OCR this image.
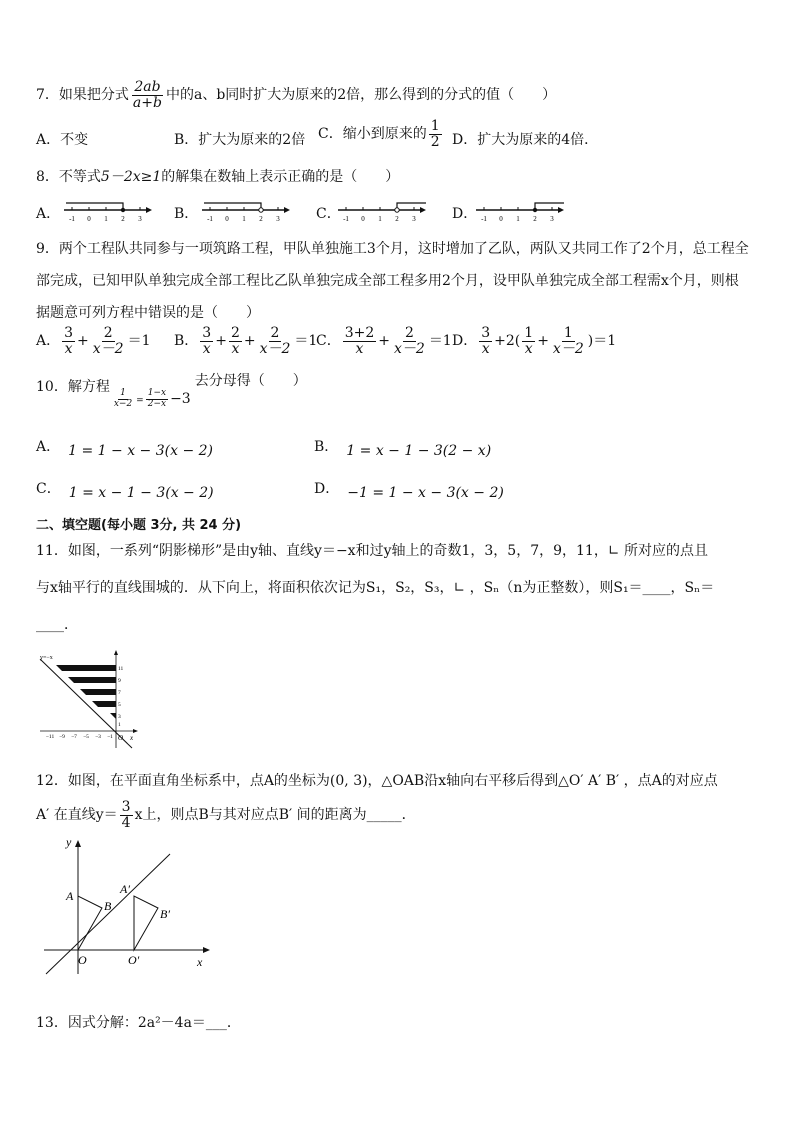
7．如果把分式 $\frac{2ab}{a+b}$ 中的a、b同时扩大为原来的2倍，那么得到的分式的值（　　）
A．不变	B．扩大为原来的2倍 C．缩小到原来的 $\frac{1}{2}$ D．扩大为原来的4倍．
8．不等式5－2x≥1的解集在数轴上表示正确的是（　　）
A．	B．	C．	D．
-1 0 1 2 3	-1 0 1 2 3	-1 0 1 2 3	-1 0 1 2 3
9．两个工程队共同参与一项筑路工程，甲队单独施工3个月，这时增加了乙队，两队又共同工作了2个月，总工程全
部完成，已知甲队单独完成全部工程比乙队单独完成全部工程多用2个月，设甲队单独完成全部工程需x个月，则根
据题意可列方程中错误的是（　　）
A． $\frac{3}{x} + \frac{2}{x-2} =1$ B． $\frac{3}{x} + \frac{2}{x} + \frac{2}{x-2} =1$
C． $\frac{3+2}{x} + \frac{2}{x-2} =1$ D． $\frac{3}{x} +2( \frac{1}{x} + \frac{1}{x-2} )=1$
10．解方程
$\frac{1}{x-2} _= \frac{1-x}{2-x} -3$去分母得（　　）
A． 1 = 1 − x − 3(x − 2)	B． 1 = x − 1 − 3(2 − x)
C． 1 = x − 1 − 3(x − 2)	D． −1 = 1 − x − 3(x − 2)
二、填空题(每小题 3分, 共 24 分)
11．如图，一系列“阴影梯形”是由y轴、直线y＝−x和过y轴上的奇数1，3，5，7，9，11，∟ 所对应的点且
与x轴平行的直线围城的．从下向上，将面积依次记为S₁，S₂，S₃，∟ ，Sₙ（n为正整数），则S₁＝____，Sₙ＝
____．
y=−x
11
9
7
5
3
1
−11 −9 −7 −5 −3 −1 O x
12．如图，在平面直角坐标系中，点A的坐标为(0, 3)，△OAB沿x轴向右平移后得到△O′ A′ B′ ，点A的对应点
A′ 在直线$y= \frac{3}{4}$ x上，则点B与其对应点B′ 间的距离为_____．
y
x
A
B
O
A′
B′
O′
13．因式分解：2a²－4a＝___．
